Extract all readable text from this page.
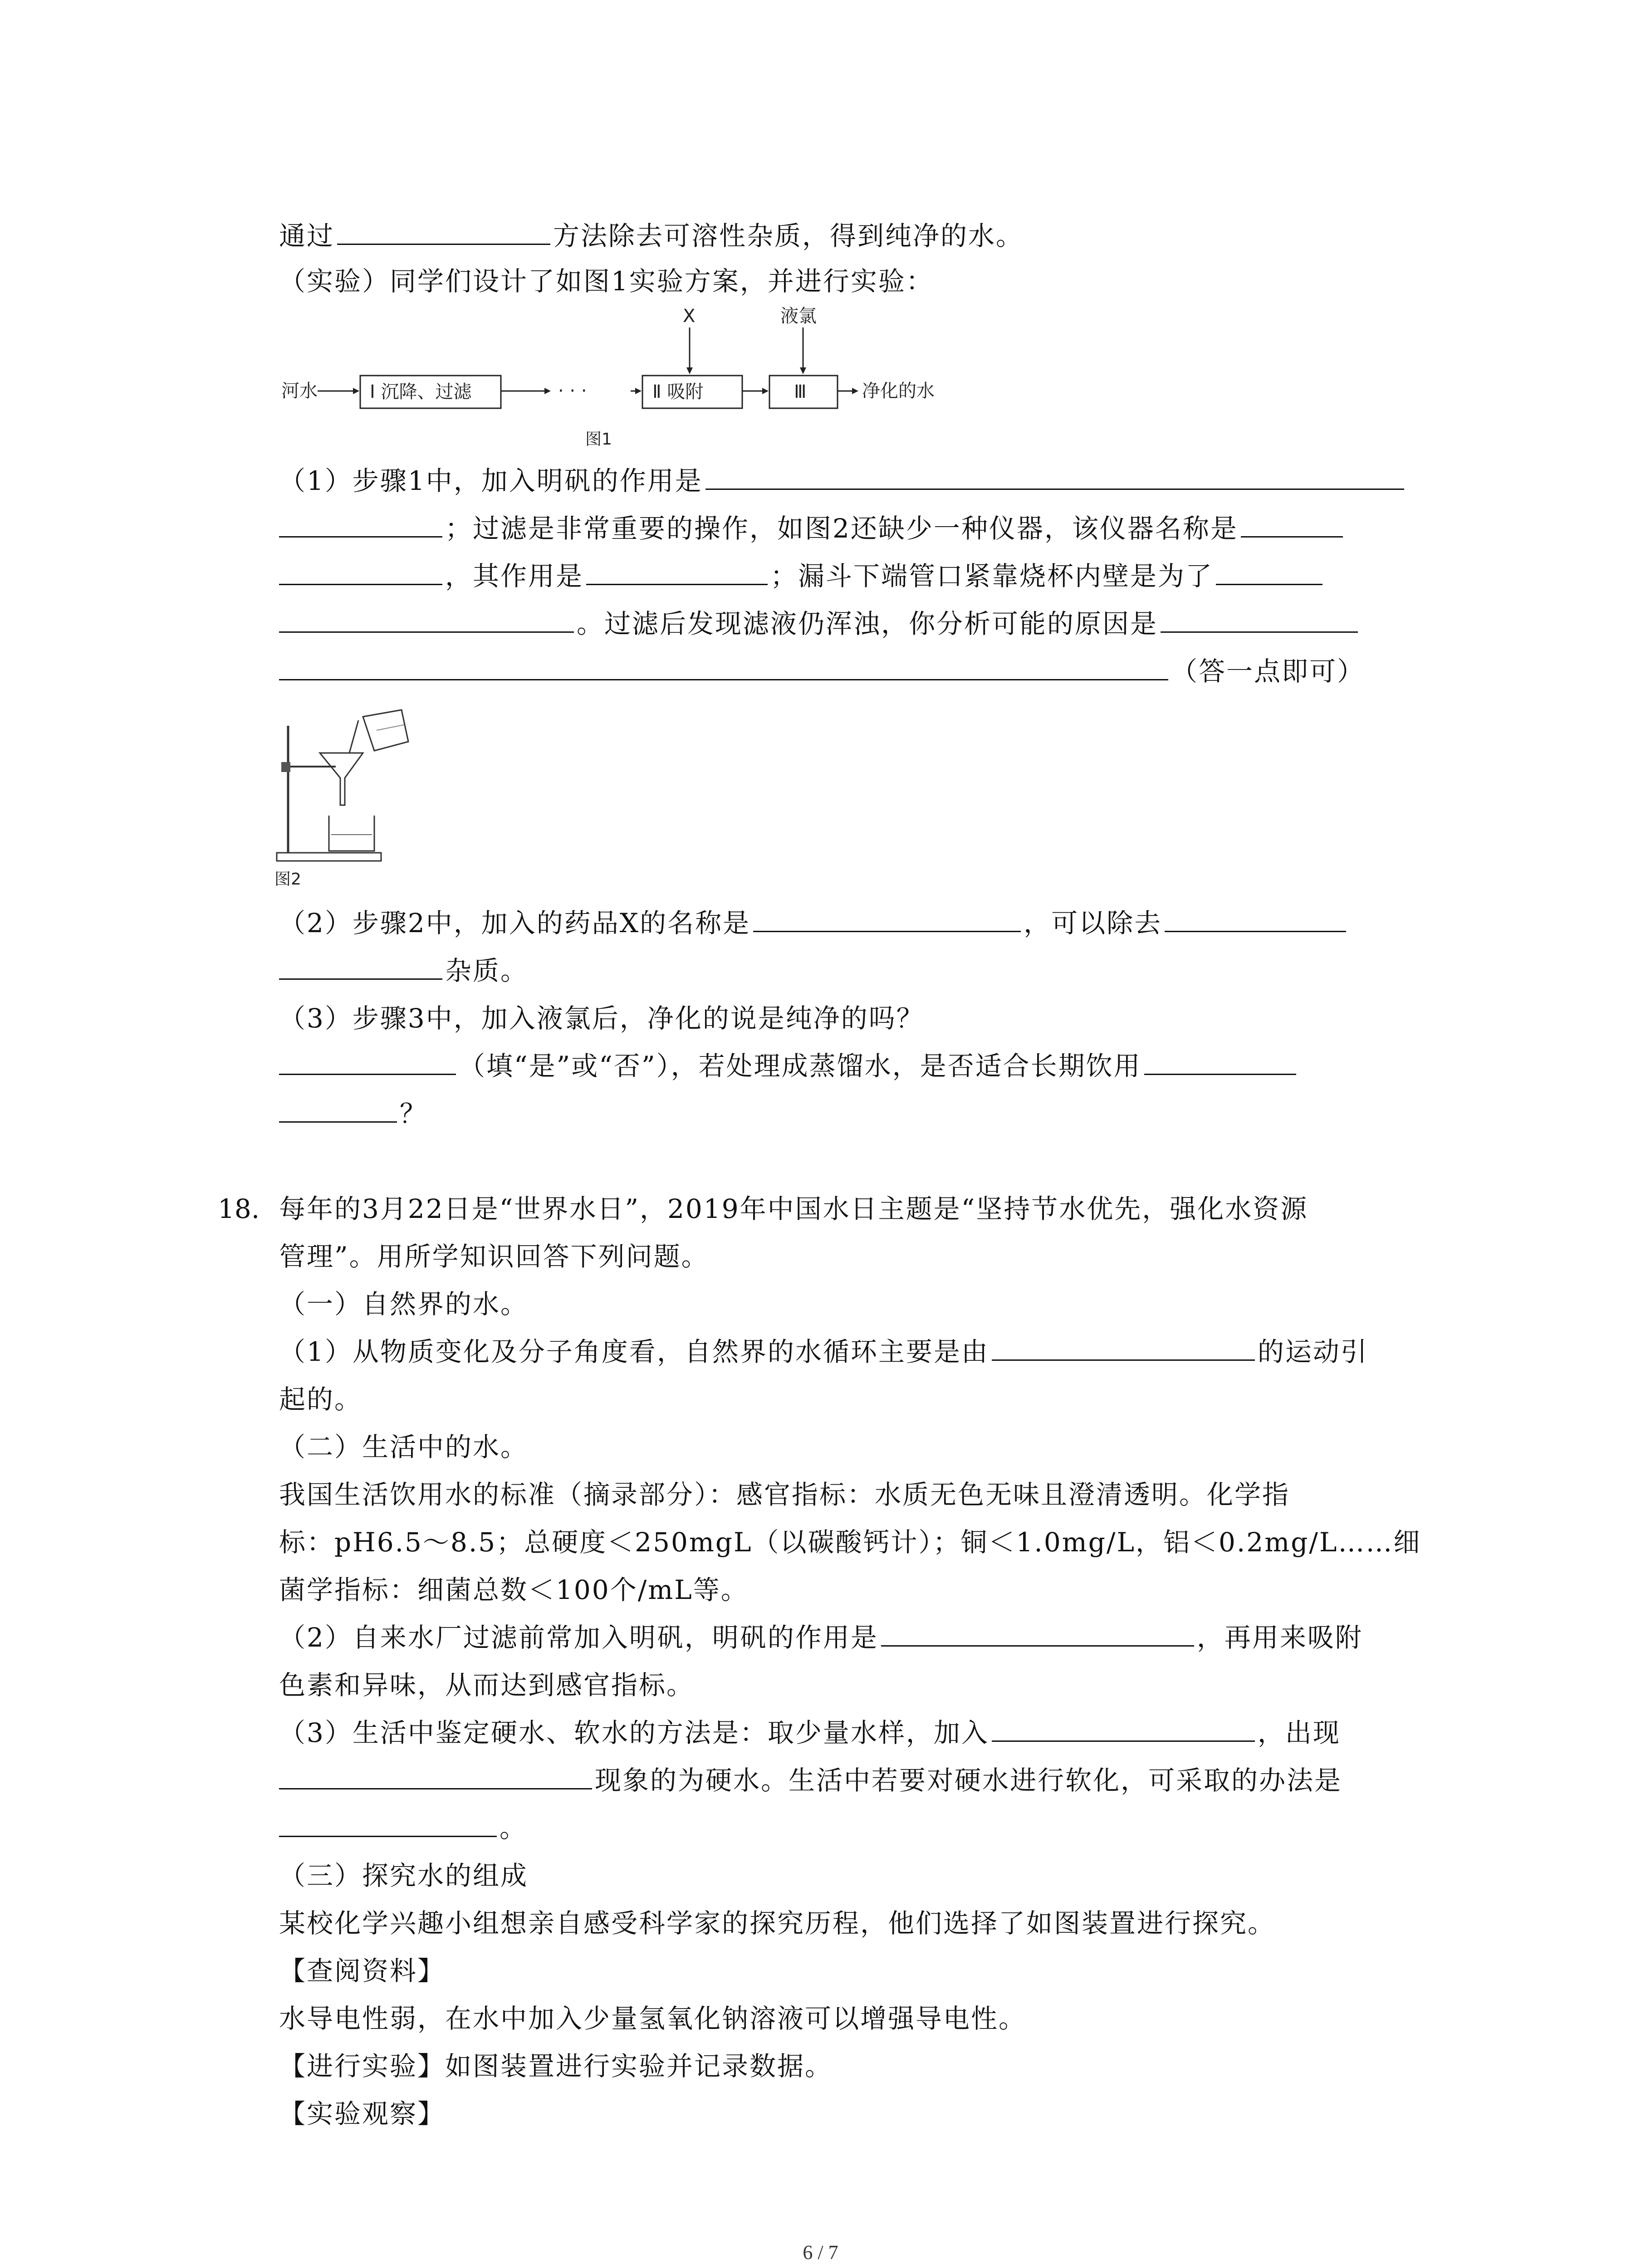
通过	方法除去可溶性杂质，得到纯净的水。
（实验）同学们设计了如图1实验方案，并进行实验：
河水	Ⅰ 沉降、过滤	· · ·	Ⅱ 吸附
X
Ⅲ
液氯
净化的水
图1
（1）步骤1中，加入明矾的作用是
；过滤是非常重要的操作，如图2还缺少一种仪器，该仪器名称是
，其作用是	；漏斗下端管口紧靠烧杯内壁是为了
。过滤后发现滤液仍浑浊，你分析可能的原因是
（答一点即可）
图2
（2）步骤2中，加入的药品X的名称是	，可以除去
杂质。
（3）步骤3中，加入液氯后，净化的说是纯净的吗？
（填“是”或“否”），若处理成蒸馏水，是否适合长期饮用
？
18. 每年的3月22日是“世界水日”，2019年中国水日主题是“坚持节水优先，强化水资源
管理”。用所学知识回答下列问题。
（一）自然界的水。
（1）从物质变化及分子角度看，自然界的水循环主要是由	的运动引
起的。
（二）生活中的水。
我国生活饮用水的标准（摘录部分）：感官指标：水质无色无味且澄清透明。化学指
标：pH6.5～8.5；总硬度＜250mgL（以碳酸钙计）；铜＜1.0mg/L，铝＜0.2mg/L……细
菌学指标：细菌总数＜100个/mL等。
（2）自来水厂过滤前常加入明矾，明矾的作用是	，再用来吸附
色素和异味，从而达到感官指标。
（3）生活中鉴定硬水、软水的方法是：取少量水样，加入	，出现
现象的为硬水。生活中若要对硬水进行软化，可采取的办法是
。
（三）探究水的组成
某校化学兴趣小组想亲自感受科学家的探究历程，他们选择了如图装置进行探究。
【查阅资料】
水导电性弱，在水中加入少量氢氧化钠溶液可以增强导电性。
【进行实验】如图装置进行实验并记录数据。
【实验观察】
6 / 7
